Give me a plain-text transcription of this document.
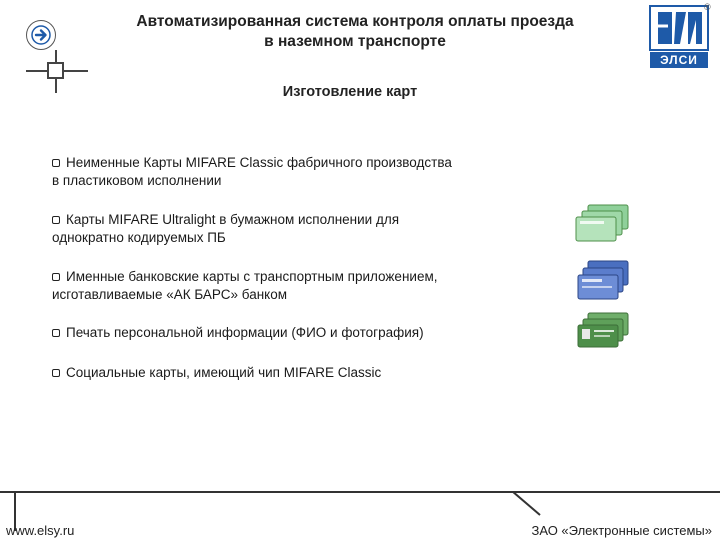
Автоматизированная система контроля оплаты проезда
в наземном транспорте
Изготовление карт
ЭЛСИ
®
Неименные Карты MIFARE Classic фабричного производства
в пластиковом исполнении
Карты MIFARE Ultralight в бумажном исполнении для
однократно кодируемых ПБ
Именные банковские карты с транспортным приложением,
исготавливаемые «АК БАРС» банком
Печать персональной информации (ФИО и фотография)
Социальные карты, имеющий чип MIFARE Classic
www.elsy.ru	ЗАО «Электронные системы»
